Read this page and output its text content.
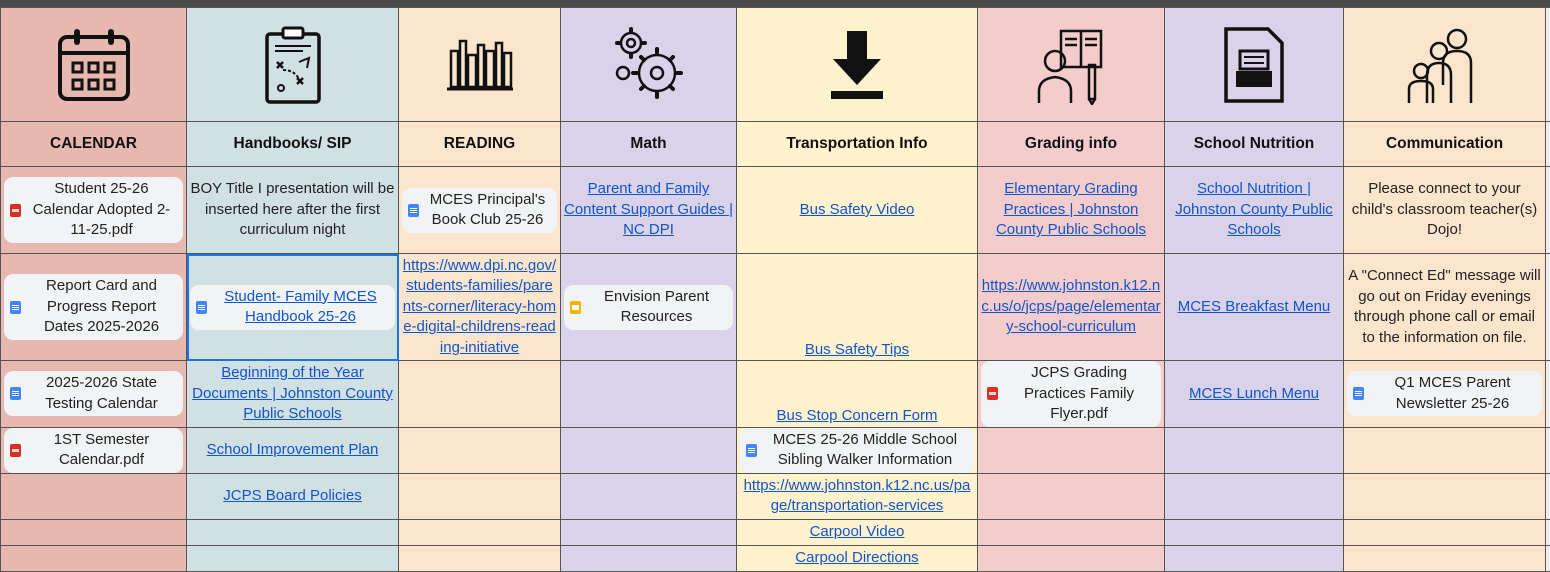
CALENDAR	Handbooks/ SIP	READING	Math	Transportation Info	Grading info	School Nutrition	Communication	

Student 25-26 Calendar Adopted 2-11-25.pdf	BOY Title I presentation will be inserted here after the first curriculum night	MCES Principal's Book Club 25-26	Parent and Family Content Support Guides | NC DPI	Bus Safety Video	Elementary Grading Practices | Johnston County Public Schools	School Nutrition | Johnston County Public Schools	Please connect to your child's classroom teacher(s) Dojo!	

Report Card and Progress Report Dates 2025-2026	Student- Family MCES Handbook 25-26	https://www.dpi.nc.gov/students-families/parents-corner/literacy-home-digital-childrens-reading-initiative	Envision Parent Resources	Bus Safety Tips	https://www.johnston.k12.nc.us/o/jcps/page/elementary-school-curriculum	MCES Breakfast Menu	A "Connect Ed" message will go out on Friday evenings through phone call or email to the information on file.	

2025-2026 State Testing Calendar	Beginning of the Year Documents | Johnston County Public Schools			Bus Stop Concern Form	JCPS Grading Practices Family Flyer.pdf	MCES Lunch Menu	Q1 MCES Parent Newsletter 25-26	

1ST Semester Calendar.pdf	School Improvement Plan			MCES 25-26 Middle School Sibling Walker Information				

	JCPS Board Policies			https://www.johnston.k12.nc.us/page/transportation-services				

				Carpool Video				
				Carpool Directions				
